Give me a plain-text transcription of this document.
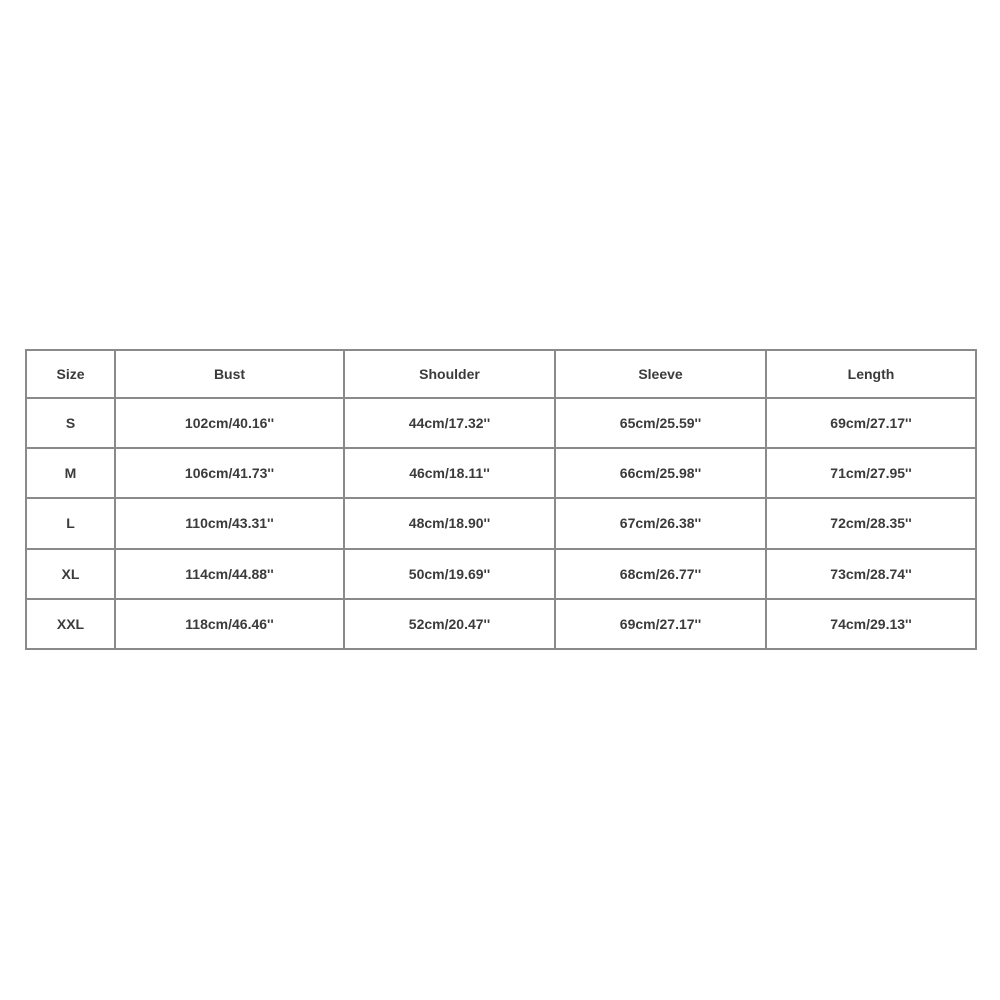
Size	Bust	Shoulder	Sleeve	Length
S	102cm/40.16''	44cm/17.32''	65cm/25.59''	69cm/27.17''
M	106cm/41.73''	46cm/18.11''	66cm/25.98''	71cm/27.95''
L	110cm/43.31''	48cm/18.90''	67cm/26.38''	72cm/28.35''
XL	114cm/44.88''	50cm/19.69''	68cm/26.77''	73cm/28.74''
XXL	118cm/46.46''	52cm/20.47''	69cm/27.17''	74cm/29.13''
